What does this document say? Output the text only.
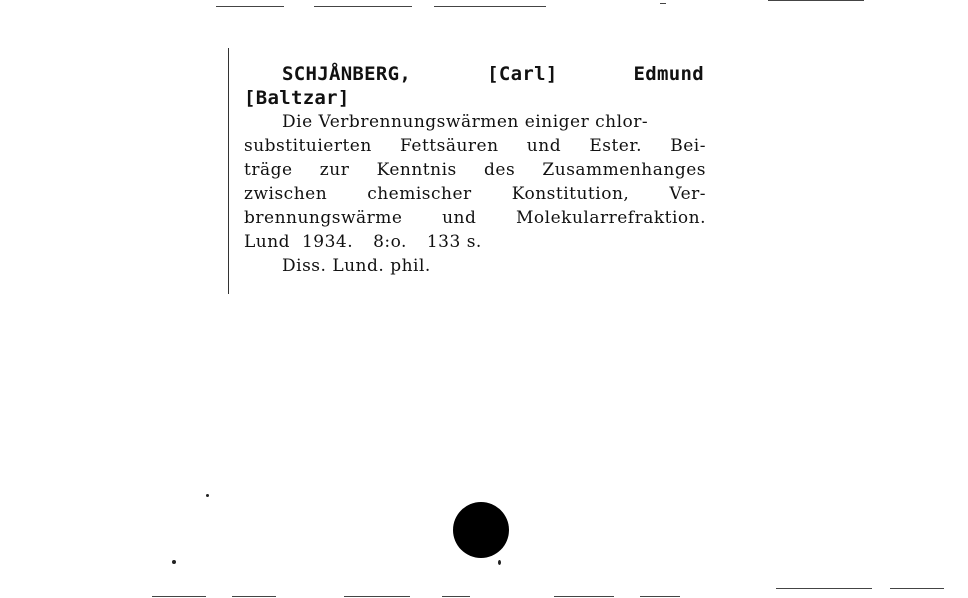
SCHJÅNBERG,	[Carl]	Edmund
[Baltzar]
Die Verbrennungswärmen einiger chlor-
substituierten Fettsäuren und Ester. Bei-
träge zur Kenntnis des Zusammenhanges
zwischen chemischer Konstitution, Ver-
brennungswärme und Molekularrefraktion.
Lund 1934. 8:o. 133 s.
Diss. Lund. phil.
